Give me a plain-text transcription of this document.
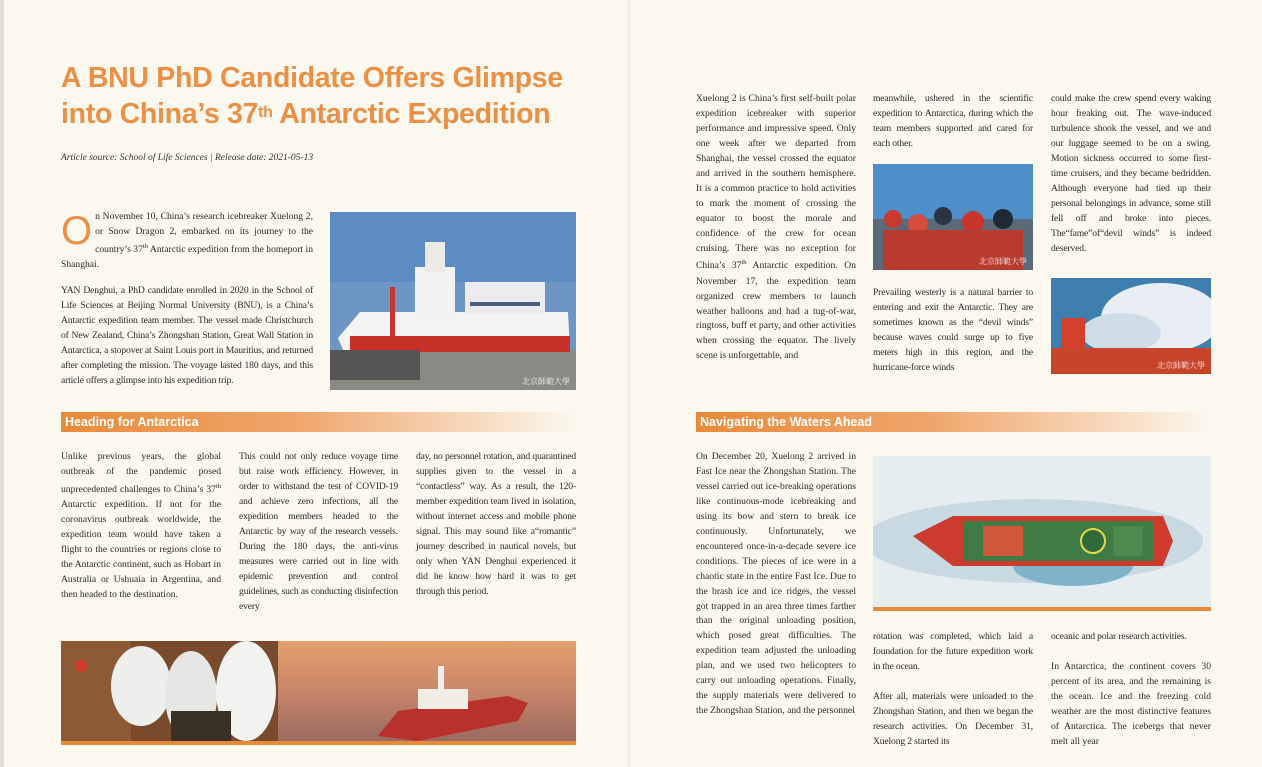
A BNU PhD Candidate Offers Glimpse
into China’s 37th Antarctic Expedition
Article source: School of Life Sciences | Release date: 2021-05-13

On November 10, China’s research icebreaker Xuelong 2, or Snow Dragon 2, embarked on its journey to the country’s 37th Antarctic expedition from the homeport in Shanghai.

YAN Denghui, a PhD candidate enrolled in 2020 in the School of Life Sciences at Beijing Normal University (BNU), is a China’s Antarctic expedition team member. The vessel made Christchurch of New Zealand, China’s Zhongshan Station, Great Wall Station in Antarctica, a stopover at Saint Louis port in Mauritius, and returned after completing the mission. The voyage lasted 180 days, and this article offers a glimpse into his expedition trip.	北京師範大學
Heading for Antarctica

Unlike previous years, the global outbreak of the pandemic posed unprecedented challenges to China’s 37th Antarctic expedition. If not for the coronavirus outbreak worldwide, the expedition team would have taken a flight to the countries or regions close to the Antarctic continent, such as Hobart in Australia or Ushuaia in Argentina, and then headed to the destination.

This could not only reduce voyage time but raise work efficiency. However, in order to withstand the test of COVID-19 and achieve zero infections, all the expedition members headed to the Antarctic by way of the research vessels. During the 180 days, the anti-virus measures were carried out in line with epidemic prevention and control guidelines, such as conducting disinfection every

day, no personnel rotation, and quarantined supplies given to the vessel in a “contactless” way. As a result, the 120-member expedition team lived in isolation, without internet access and mobile phone signal. This may sound like a“romantic” journey described in nautical novels, but only when YAN Denghui experienced it did he know how hard it was to get through this period.

Xuelong 2 is China’s first self-built polar expedition icebreaker with superior performance and impressive speed. Only one week after we departed from Shanghai, the vessel crossed the equator and arrived in the southern hemisphere. It is a common practice to hold activities to mark the moment of crossing the equator to boost the morale and confidence of the crew for ocean cruising. There was no exception for China’s 37th Antarctic expedition. On November 17, the expedition team organized crew members to launch weather balloons and had a tug-of-war, ringtoss, buff et party, and other activities when crossing the equator. The lively scene is unforgettable, and

meanwhile, ushered in the scientific expedition to Antarctica, during which the team members supported and cared for each other.

北京師範大學

Prevailing westerly is a natural barrier to entering and exit the Antarctic. They are sometimes known as the “devil winds” because waves could surge up to five meters high in this region, and the hurricane-force winds

could make the crew spend every waking hour freaking out. The wave-induced turbulence shook the vessel, and we and our luggage seemed to be on a swing. Motion sickness occurred to some first-time cruisers, and they became bedridden. Although everyone had tied up their personal belongings in advance, some still fell off and broke into pieces. The“fame”of“devil winds” is indeed deserved.

北京師範大學
Navigating the Waters Ahead

On December 20, Xuelong 2 arrived in Fast Ice near the Zhongshan Station. The vessel carried out ice-breaking operations like continuous-mode icebreaking and using its bow and stern to break ice continuously. Unfortunately, we encountered once-in-a-decade severe ice conditions. The pieces of ice were in a chaotic state in the entire Fast Ice. Due to the brash ice and ice ridges, the vessel got trapped in an area three times farther than the original unloading position, which posed great difficulties. The expedition team adjusted the unloading plan, and we used two helicopters to carry out unloading operations. Finally, the supply materials were delivered to the Zhongshan Station, and the personnel

rotation was completed, which laid a foundation for the future expedition work in the ocean.

After all, materials were unloaded to the Zhongshan Station, and then we began the research activities. On December 31, Xuelong 2 started its

oceanic and polar research activities.

In Antarctica, the continent covers 30 percent of its area, and the remaining is the ocean. Ice and the freezing cold weather are the most distinctive features of Antarctica. The icebergs that never melt all year
